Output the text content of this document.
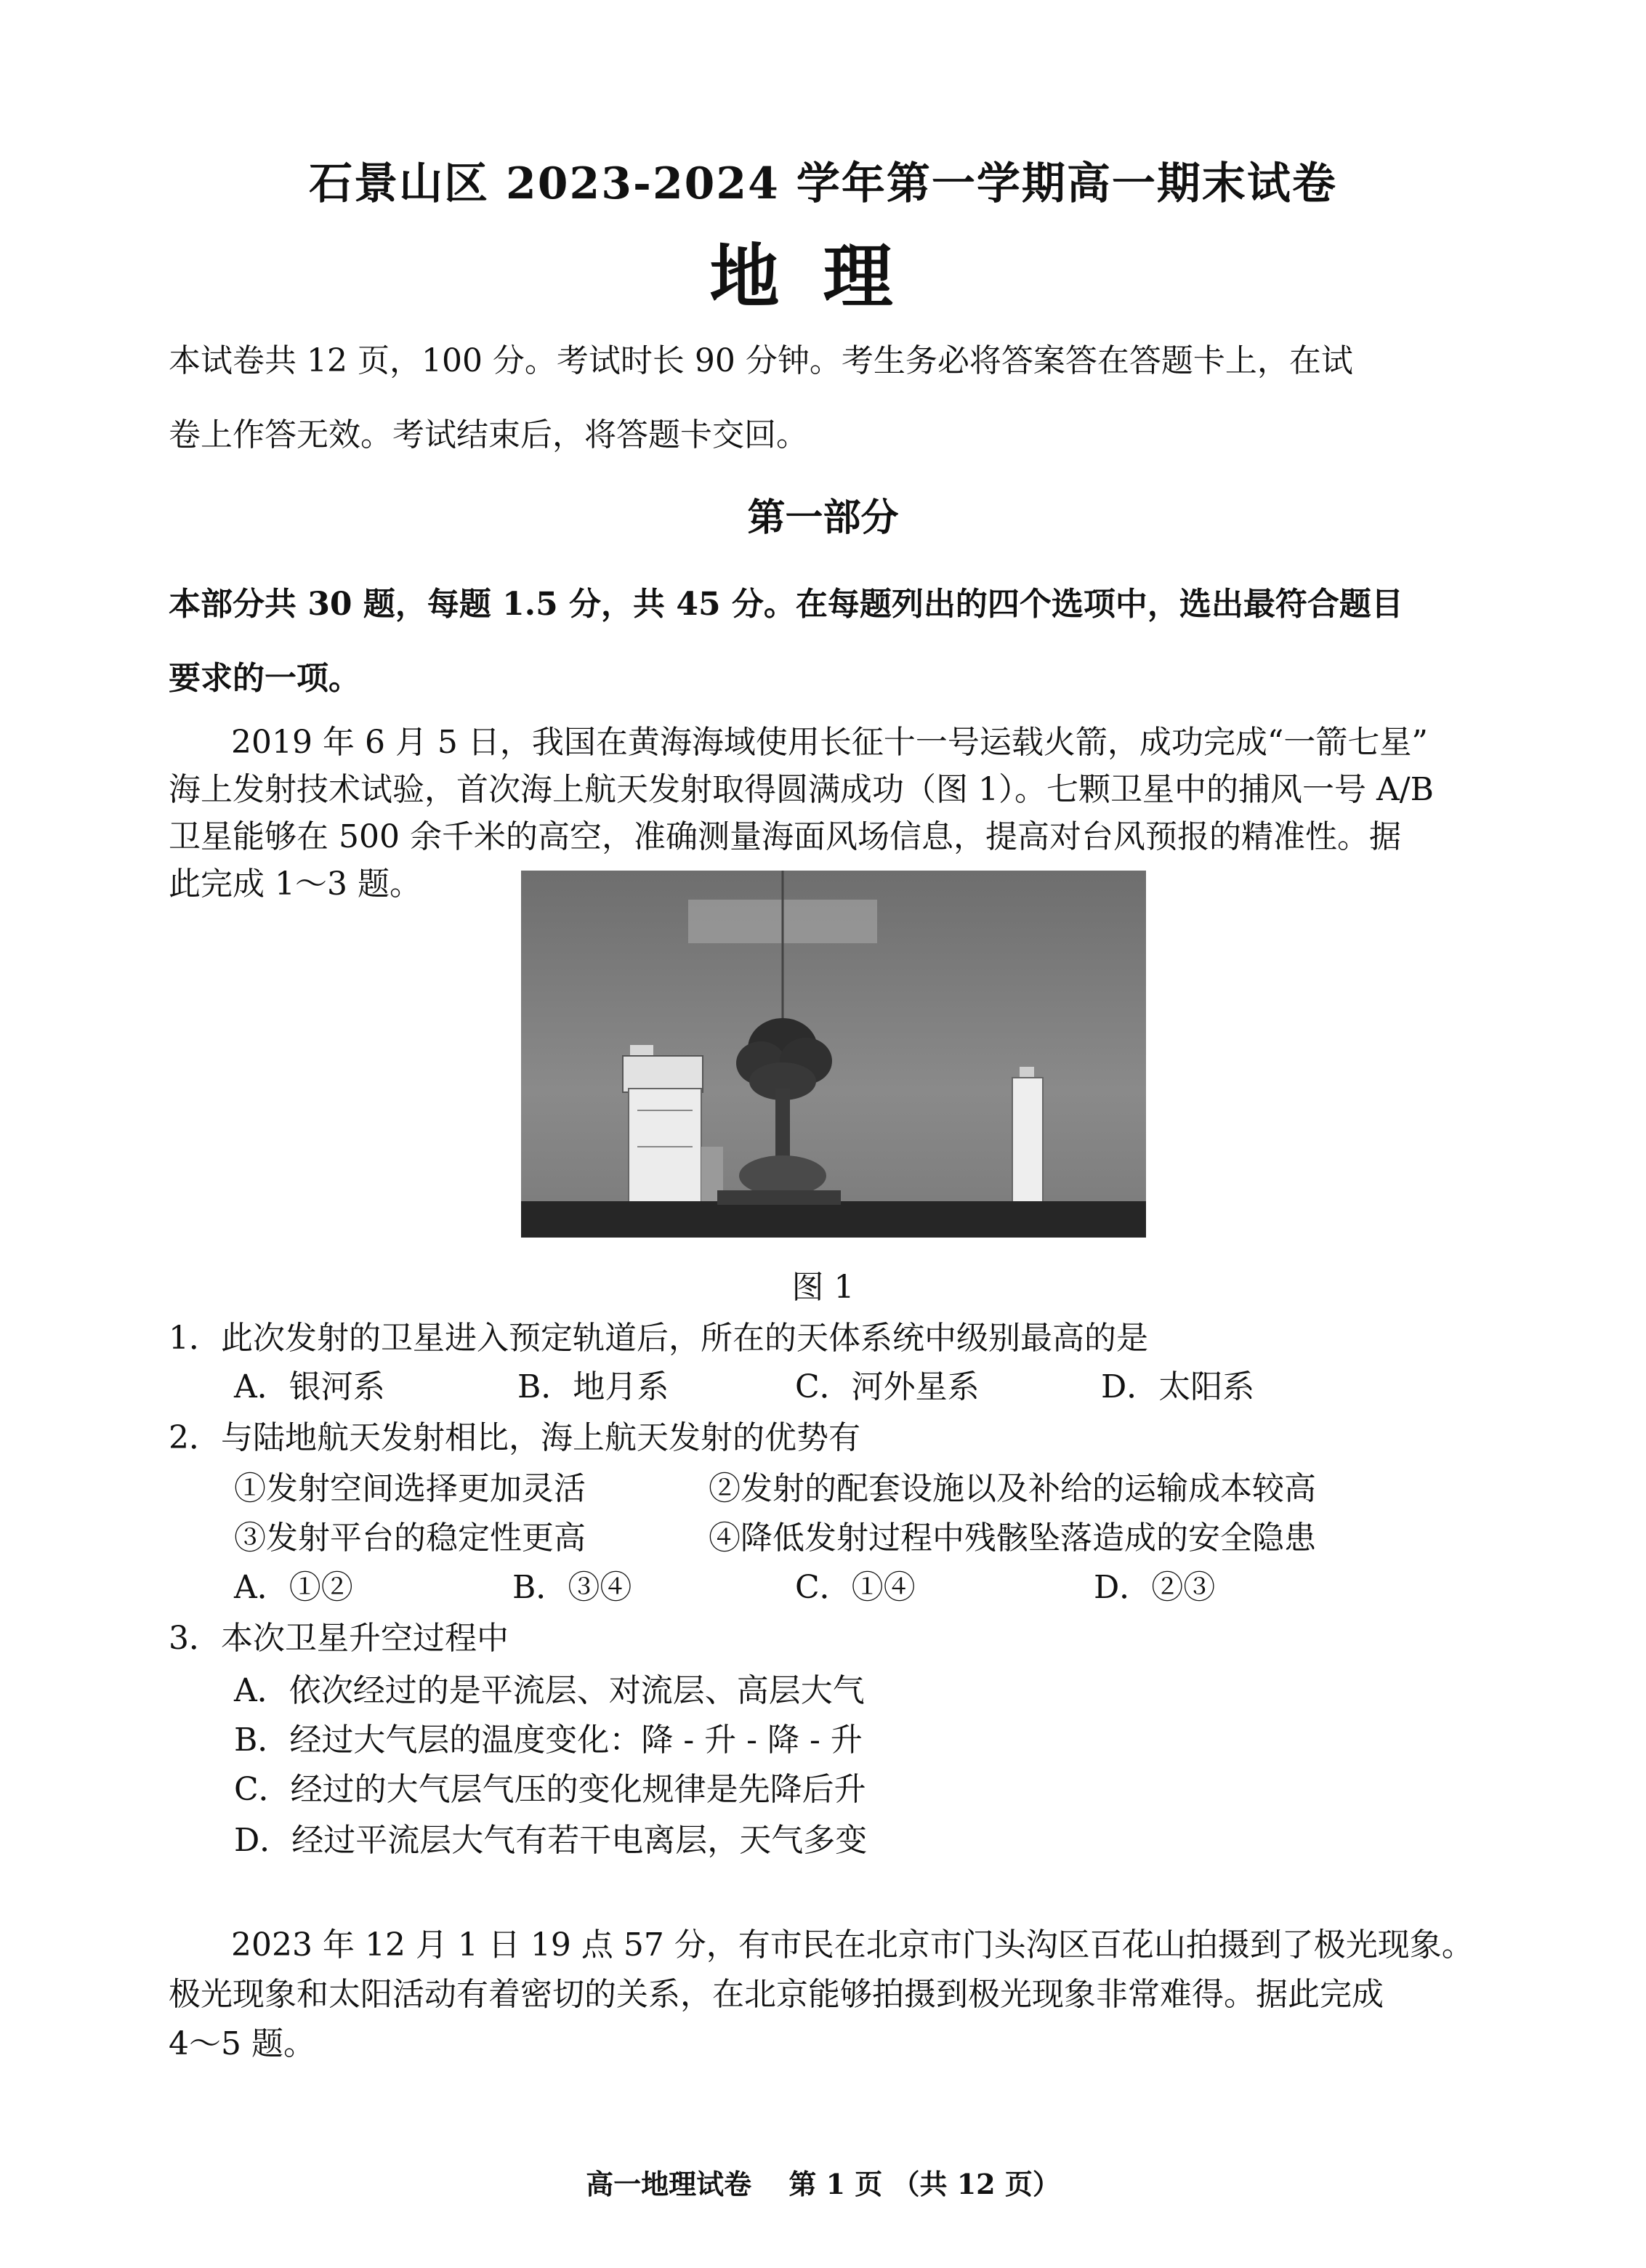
石景山区 2023-2024 学年第一学期高一期末试卷
地理
本试卷共 12 页，100 分。考试时长 90 分钟。考生务必将答案答在答题卡上，在试
卷上作答无效。考试结束后，将答题卡交回。
第一部分
本部分共 30 题，每题 1.5 分，共 45 分。在每题列出的四个选项中，选出最符合题目
要求的一项。
2019 年 6 月 5 日，我国在黄海海域使用长征十一号运载火箭，成功完成“一箭七星”
海上发射技术试验，首次海上航天发射取得圆满成功（图 1）。七颗卫星中的捕风一号 A/B
卫星能够在 500 余千米的高空，准确测量海面风场信息，提高对台风预报的精准性。据
此完成 1～3 题。
图 1
1．此次发射的卫星进入预定轨道后，所在的天体系统中级别最高的是
A．银河系	B．地月系	C．河外星系	D．太阳系
2．与陆地航天发射相比，海上航天发射的优势有
①发射空间选择更加灵活	②发射的配套设施以及补给的运输成本较高
③发射平台的稳定性更高	④降低发射过程中残骸坠落造成的安全隐患
A．①②	B．③④	C．①④	D．②③
3．本次卫星升空过程中
A．依次经过的是平流层、对流层、高层大气
B．经过大气层的温度变化：降 - 升 - 降 - 升
C．经过的大气层气压的变化规律是先降后升
D．经过平流层大气有若干电离层，天气多变
2023 年 12 月 1 日 19 点 57 分，有市民在北京市门头沟区百花山拍摄到了极光现象。
极光现象和太阳活动有着密切的关系，在北京能够拍摄到极光现象非常难得。据此完成
4～5 题。
高一地理试卷　 第 1 页 （共 12 页）
